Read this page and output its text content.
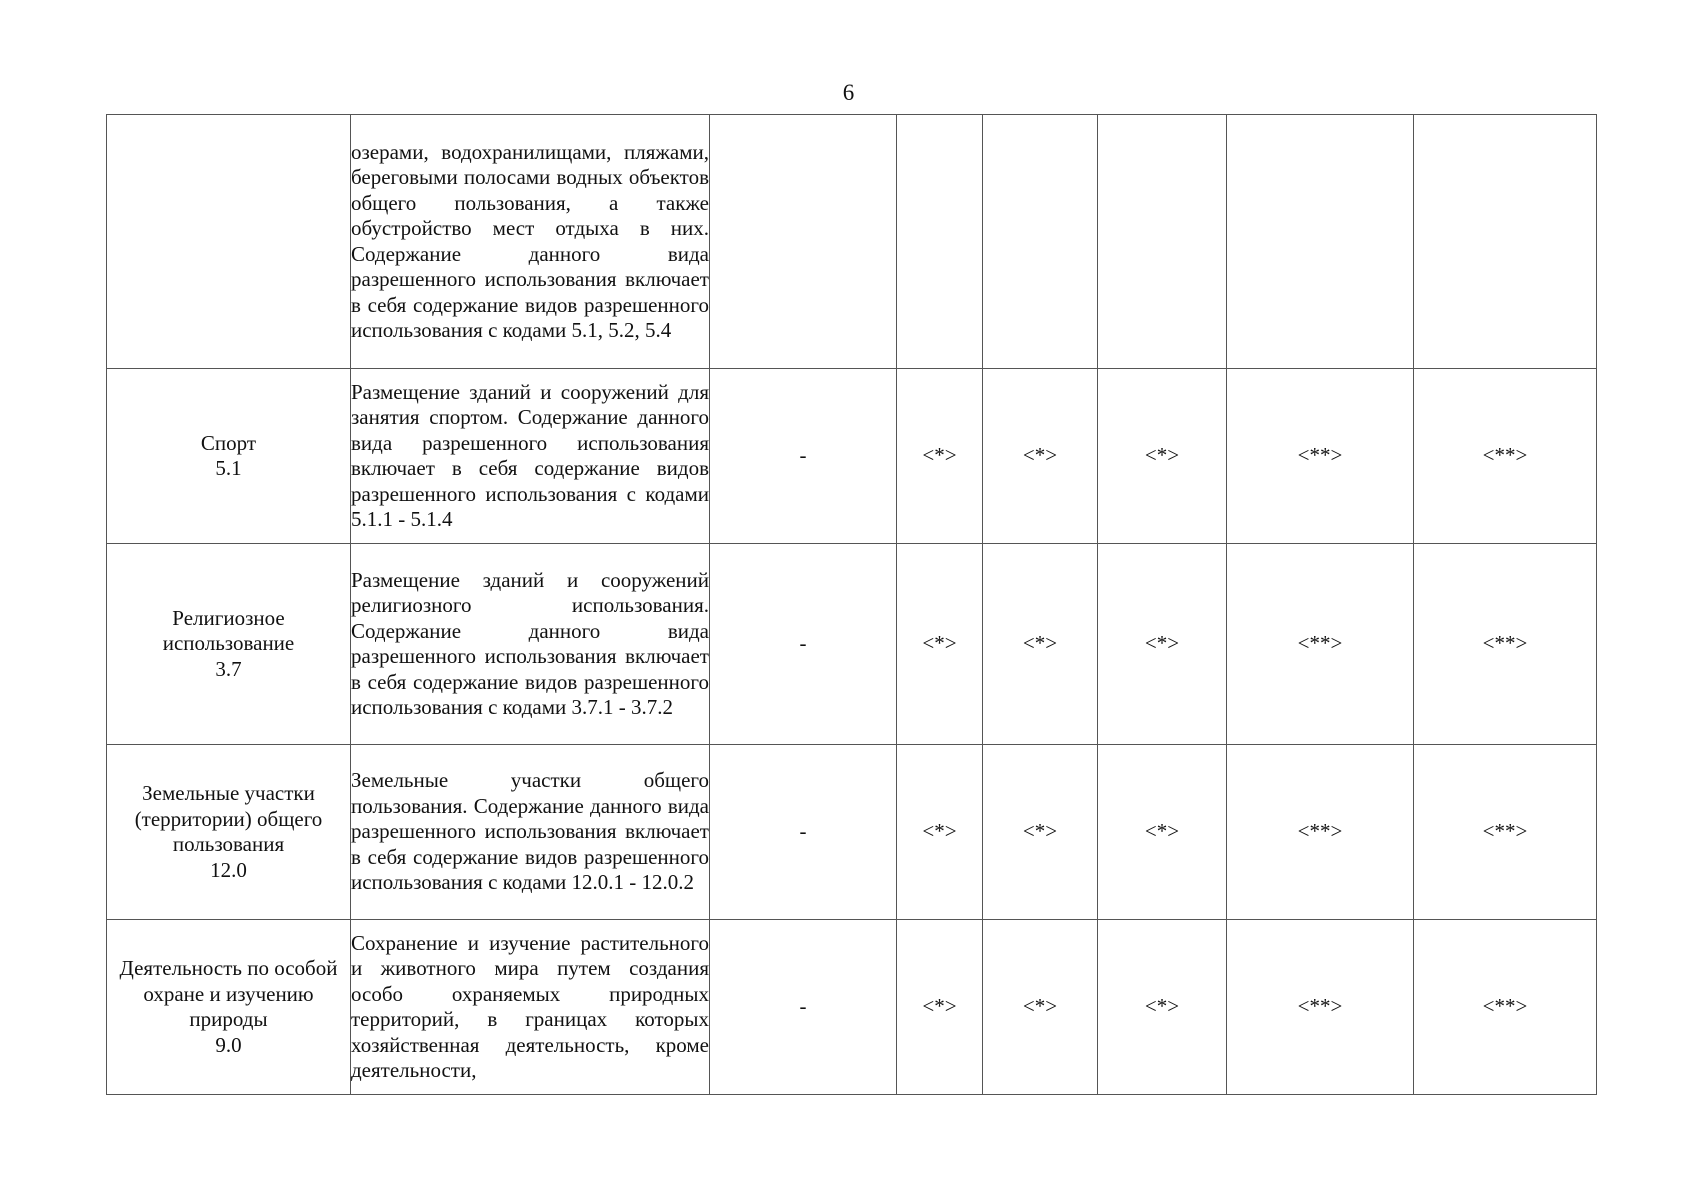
6
	озерами, водохранилищами, пляжами, береговыми полосами водных объектов общего пользования, а также обустройство мест отдыха в них. Содержание данного вида разрешенного использования включает в себя содержание видов разрешенного использования с кодами 5.1, 5.2, 5.4						

Спорт
5.1	Размещение зданий и сооружений для занятия спортом. Содержание данного вида разрешенного использования включает в себя содержание видов разрешенного использования с кодами 5.1.1 - 5.1.4	-	<*>	<*>	<*>	<**>	<**>

Религиозное
использование
3.7	Размещение зданий и сооружений религиозного использования. Содержание данного вида разрешенного использования включает в себя содержание видов разрешенного использования с кодами 3.7.1 - 3.7.2	-	<*>	<*>	<*>	<**>	<**>

Земельные участки
(территории) общего
пользования
12.0	Земельные участки общего пользования. Содержание данного вида разрешенного использования включает в себя содержание видов разрешенного использования с кодами 12.0.1 - 12.0.2	-	<*>	<*>	<*>	<**>	<**>

Деятельность по особой
охране и изучению
природы
9.0	Сохранение и изучение растительного и животного мира путем создания особо охраняемых природных территорий, в границах которых хозяйственная деятельность, кроме деятельности,	-	<*>	<*>	<*>	<**>	<**>
